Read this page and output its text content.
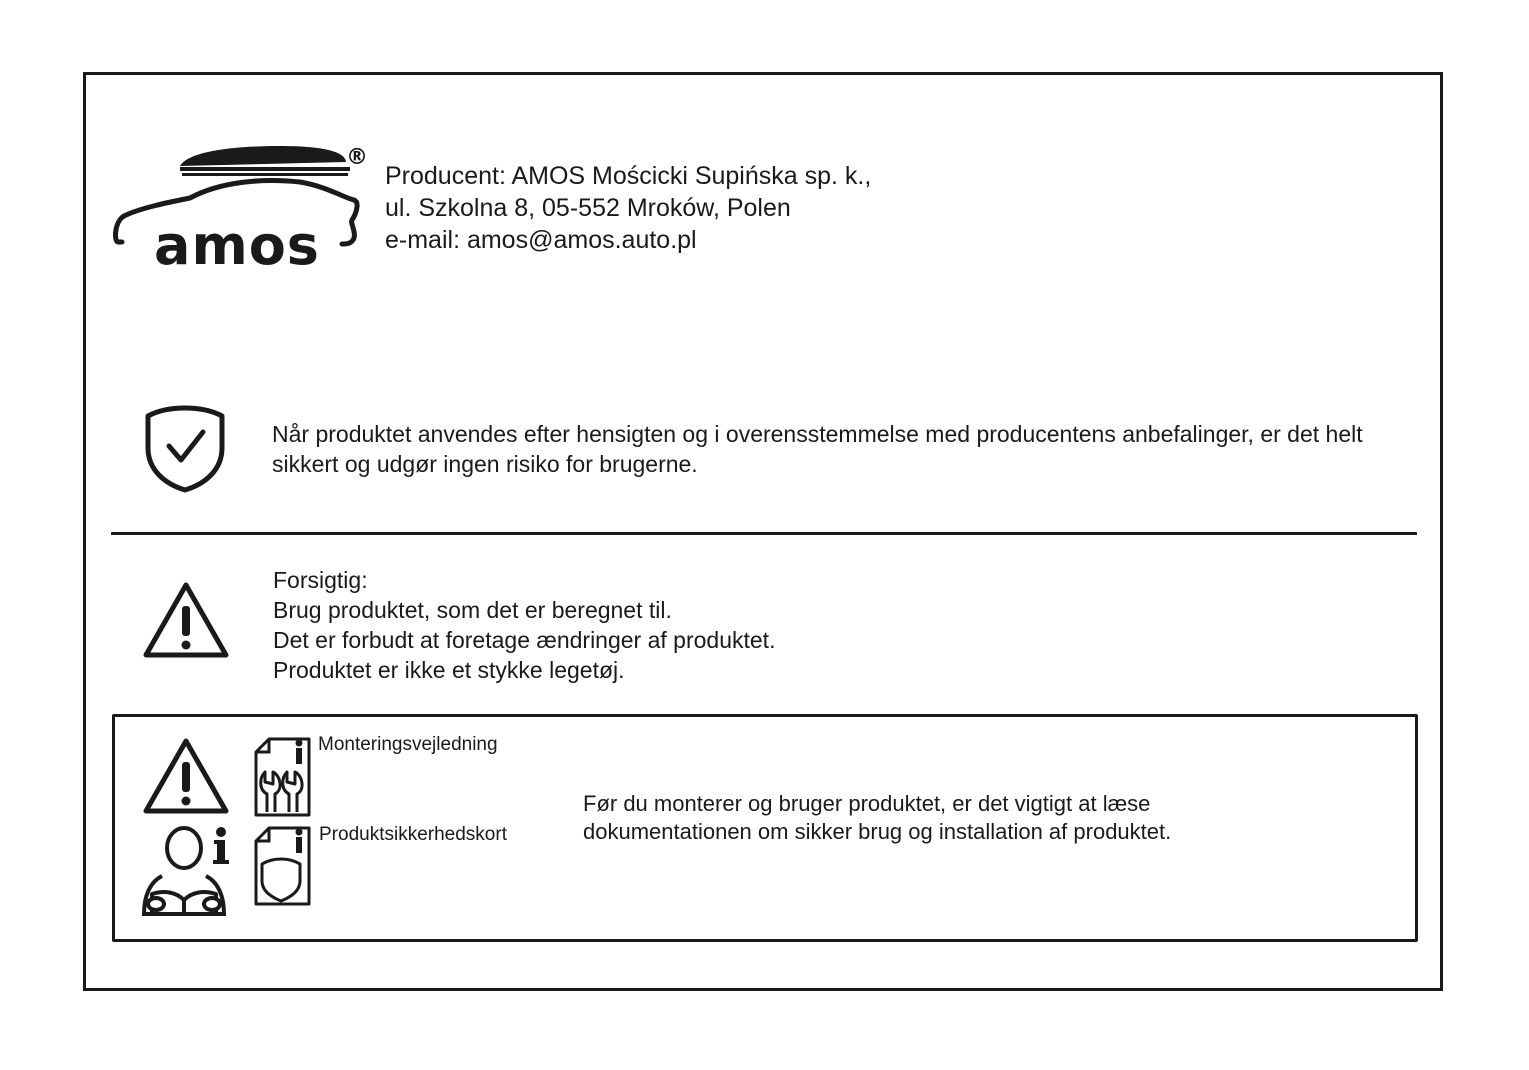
amos
®
Producent: AMOS Mościcki Supińska sp. k.,
ul. Szkolna 8, 05-552 Mroków, Polen
e-mail: amos@amos.auto.pl
Når produktet anvendes efter hensigten og i overensstemmelse med producentens anbefalinger, er det helt sikkert og udgør ingen risiko for brugerne.
Forsigtig:
Brug produktet, som det er beregnet til.
Det er forbudt at foretage ændringer af produktet.
Produktet er ikke et stykke legetøj.
Monteringsvejledning
Produktsikkerhedskort
Før du monterer og bruger produktet, er det vigtigt at læse
dokumentationen om sikker brug og installation af produktet.
